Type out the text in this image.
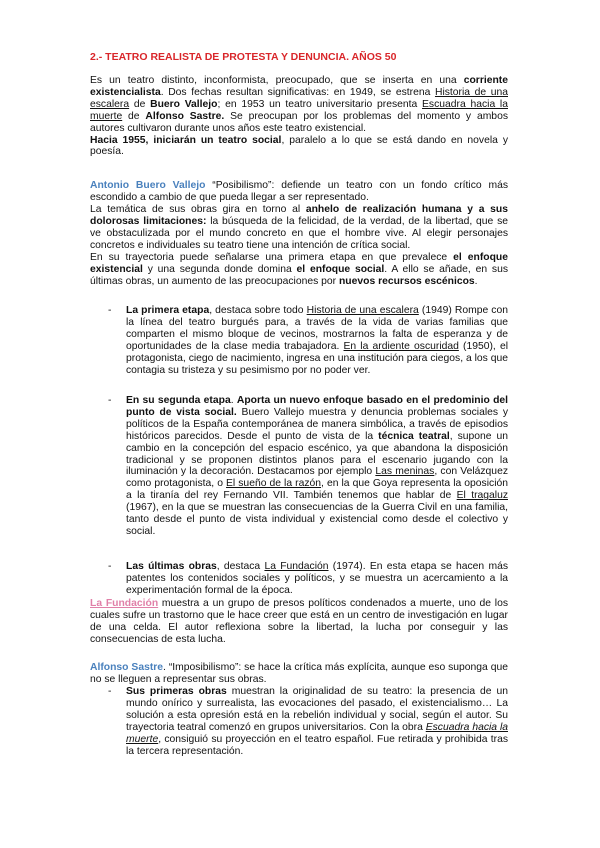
2.- TEATRO REALISTA DE PROTESTA Y DENUNCIA. AÑOS 50

Es un teatro distinto, inconformista, preocupado, que se inserta en una corriente existencialista. Dos fechas resultan significativas: en 1949, se estrena Historia de una escalera de Buero Vallejo; en 1953 un teatro universitario presenta Escuadra hacia la muerte de Alfonso Sastre. Se preocupan por los problemas del momento y ambos autores cultivaron durante unos años este teatro existencial.
Hacia 1955, iniciarán un teatro social, paralelo a lo que se está dando en novela y poesía.

Antonio Buero Vallejo “Posibilismo”: defiende un teatro con un fondo crítico más escondido a cambio de que pueda llegar a ser representado.

La temática de sus obras gira en torno al anhelo de realización humana y a sus dolorosas limitaciones: la búsqueda de la felicidad, de la verdad, de la libertad, que se ve obstaculizada por el mundo concreto en que el hombre vive. Al elegir personajes concretos e individuales su teatro tiene una intención de crítica social.

En su trayectoria puede señalarse una primera etapa en que prevalece el enfoque existencial y una segunda donde domina el enfoque social. A ello se añade, en sus últimas obras, un aumento de las preocupaciones por nuevos recursos escénicos.

- La primera etapa, destaca sobre todo Historia de una escalera (1949) Rompe con la línea del teatro burgués para, a través de la vida de varias familias que comparten el mismo bloque de vecinos, mostrarnos la falta de esperanza y de oportunidades de la clase media trabajadora. En la ardiente oscuridad (1950), el protagonista, ciego de nacimiento, ingresa en una institución para ciegos, a los que contagia su tristeza y su pesimismo por no poder ver.

- En su segunda etapa. Aporta un nuevo enfoque basado en el predominio del punto de vista social. Buero Vallejo muestra y denuncia problemas sociales y políticos de la España contemporánea de manera simbólica, a través de episodios históricos parecidos. Desde el punto de vista de la técnica teatral, supone un cambio en la concepción del espacio escénico, ya que abandona la disposición tradicional y se proponen distintos planos para el escenario jugando con la iluminación y la decoración. Destacamos por ejemplo Las meninas, con Velázquez como protagonista, o El sueño de la razón, en la que Goya representa la oposición a la tiranía del rey Fernando VII. También tenemos que hablar de El tragaluz (1967), en la que se muestran las consecuencias de la Guerra Civil en una familia, tanto desde el punto de vista individual y existencial como desde el colectivo y social.

- Las últimas obras, destaca La Fundación (1974). En esta etapa se hacen más patentes los contenidos sociales y políticos, y se muestra un acercamiento a la experimentación formal de la época.

La Fundación muestra a un grupo de presos políticos condenados a muerte, uno de los cuales sufre un trastorno que le hace creer que está en un centro de investigación en lugar de una celda. El autor reflexiona sobre la libertad, la lucha por conseguir y las consecuencias de esta lucha.

Alfonso Sastre. “Imposibilismo”: se hace la crítica más explícita, aunque eso suponga que no se lleguen a representar sus obras.

- Sus primeras obras muestran la originalidad de su teatro: la presencia de un mundo onírico y surrealista, las evocaciones del pasado, el existencialismo… La solución a esta opresión está en la rebelión individual y social, según el autor. Su trayectoria teatral comenzó en grupos universitarios. Con la obra Escuadra hacia la muerte, consiguió su proyección en el teatro español. Fue retirada y prohibida tras la tercera representación.
